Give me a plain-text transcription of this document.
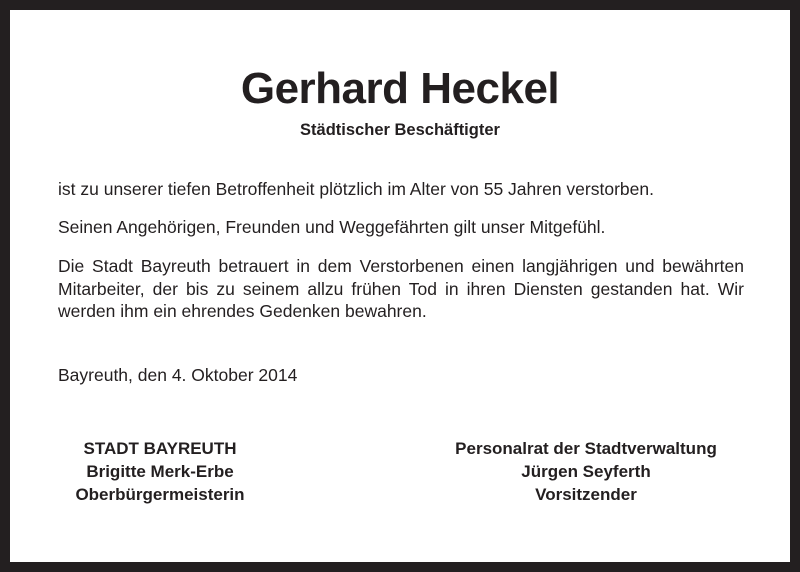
Gerhard Heckel
Städtischer Beschäftigter
ist zu unserer tiefen Betroffenheit plötzlich im Alter von 55 Jahren verstorben.
Seinen Angehörigen, Freunden und Weggefährten gilt unser Mitgefühl.
Die Stadt Bayreuth betrauert in dem Verstorbenen einen langjährigen und bewährten Mitarbeiter, der bis zu seinem allzu frühen Tod in ihren Diensten gestanden hat. Wir werden ihm ein ehrendes Gedenken bewahren.
Bayreuth, den 4. Oktober 2014
STADT BAYREUTH
Brigitte Merk-Erbe
Oberbürgermeisterin
Personalrat der Stadtverwaltung
Jürgen Seyferth
Vorsitzender
